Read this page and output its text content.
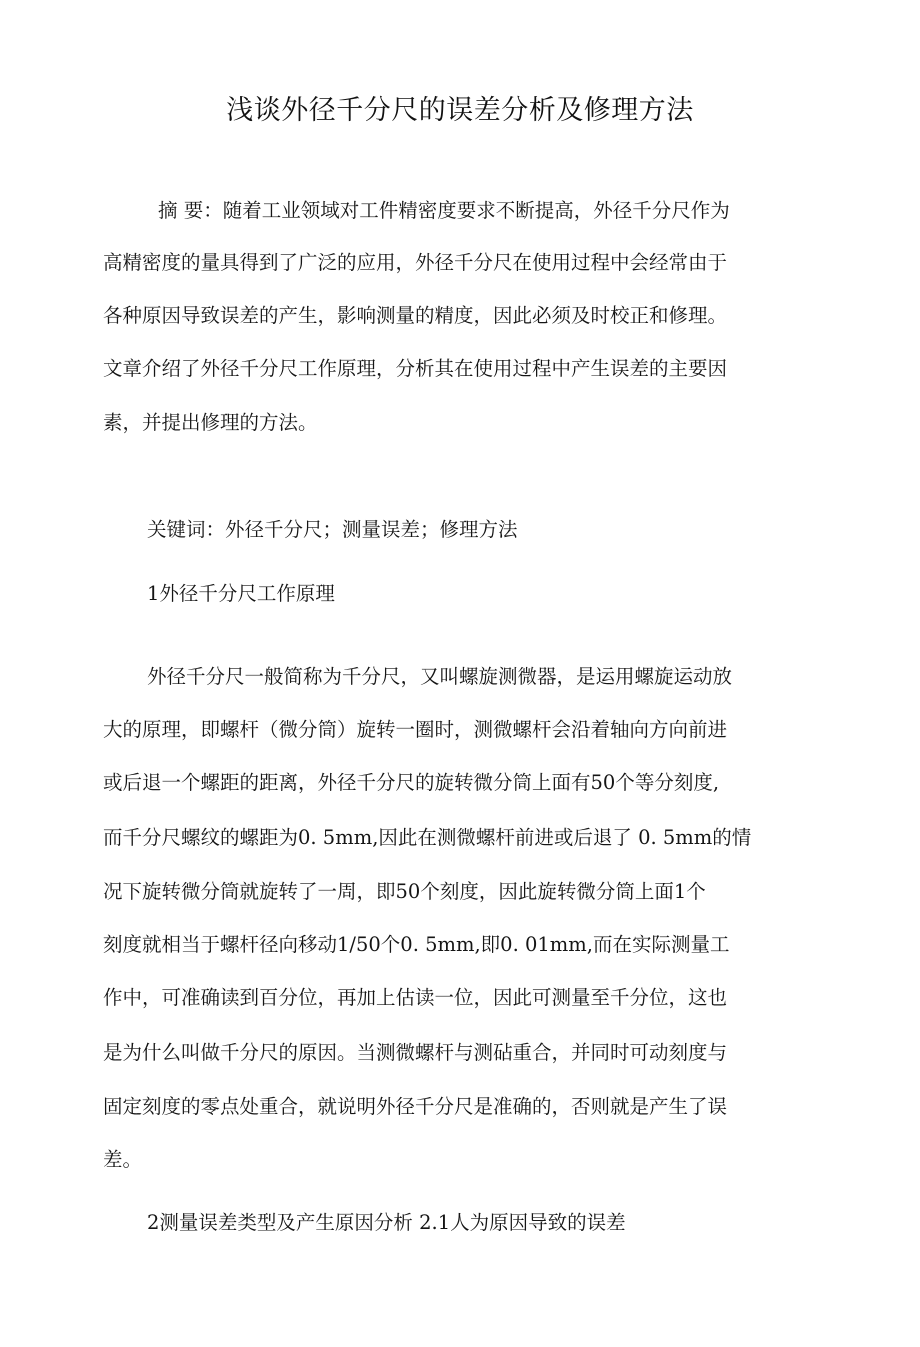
浅谈外径千分尺的误差分析及修理方法
摘 要：随着工业领域对工件精密度要求不断提高，外径千分尺作为
高精密度的量具得到了广泛的应用，外径千分尺在使用过程中会经常由于
各种原因导致误差的产生，影响测量的精度，因此必须及时校正和修理。
文章介绍了外径千分尺工作原理，分析其在使用过程中产生误差的主要因
素，并提出修理的方法。
关键词：外径千分尺；测量误差；修理方法
1外径千分尺工作原理
外径千分尺一般简称为千分尺，又叫螺旋测微器，是运用螺旋运动放
大的原理，即螺杆（微分筒）旋转一圈时，测微螺杆会沿着轴向方向前进
或后退一个螺距的距离，外径千分尺的旋转微分筒上面有50个等分刻度,
而千分尺螺纹的螺距为0. 5mm,因此在测微螺杆前进或后退了 0. 5mm的情
况下旋转微分筒就旋转了一周，即50个刻度，因此旋转微分筒上面1个
刻度就相当于螺杆径向移动1/50个0. 5mm,即0. 01mm,而在实际测量工
作中，可准确读到百分位，再加上估读一位，因此可测量至千分位，这也
是为什么叫做千分尺的原因。当测微螺杆与测砧重合，并同时可动刻度与
固定刻度的零点处重合，就说明外径千分尺是准确的，否则就是产生了误
差。
2测量误差类型及产生原因分析 2.1人为原因导致的误差
